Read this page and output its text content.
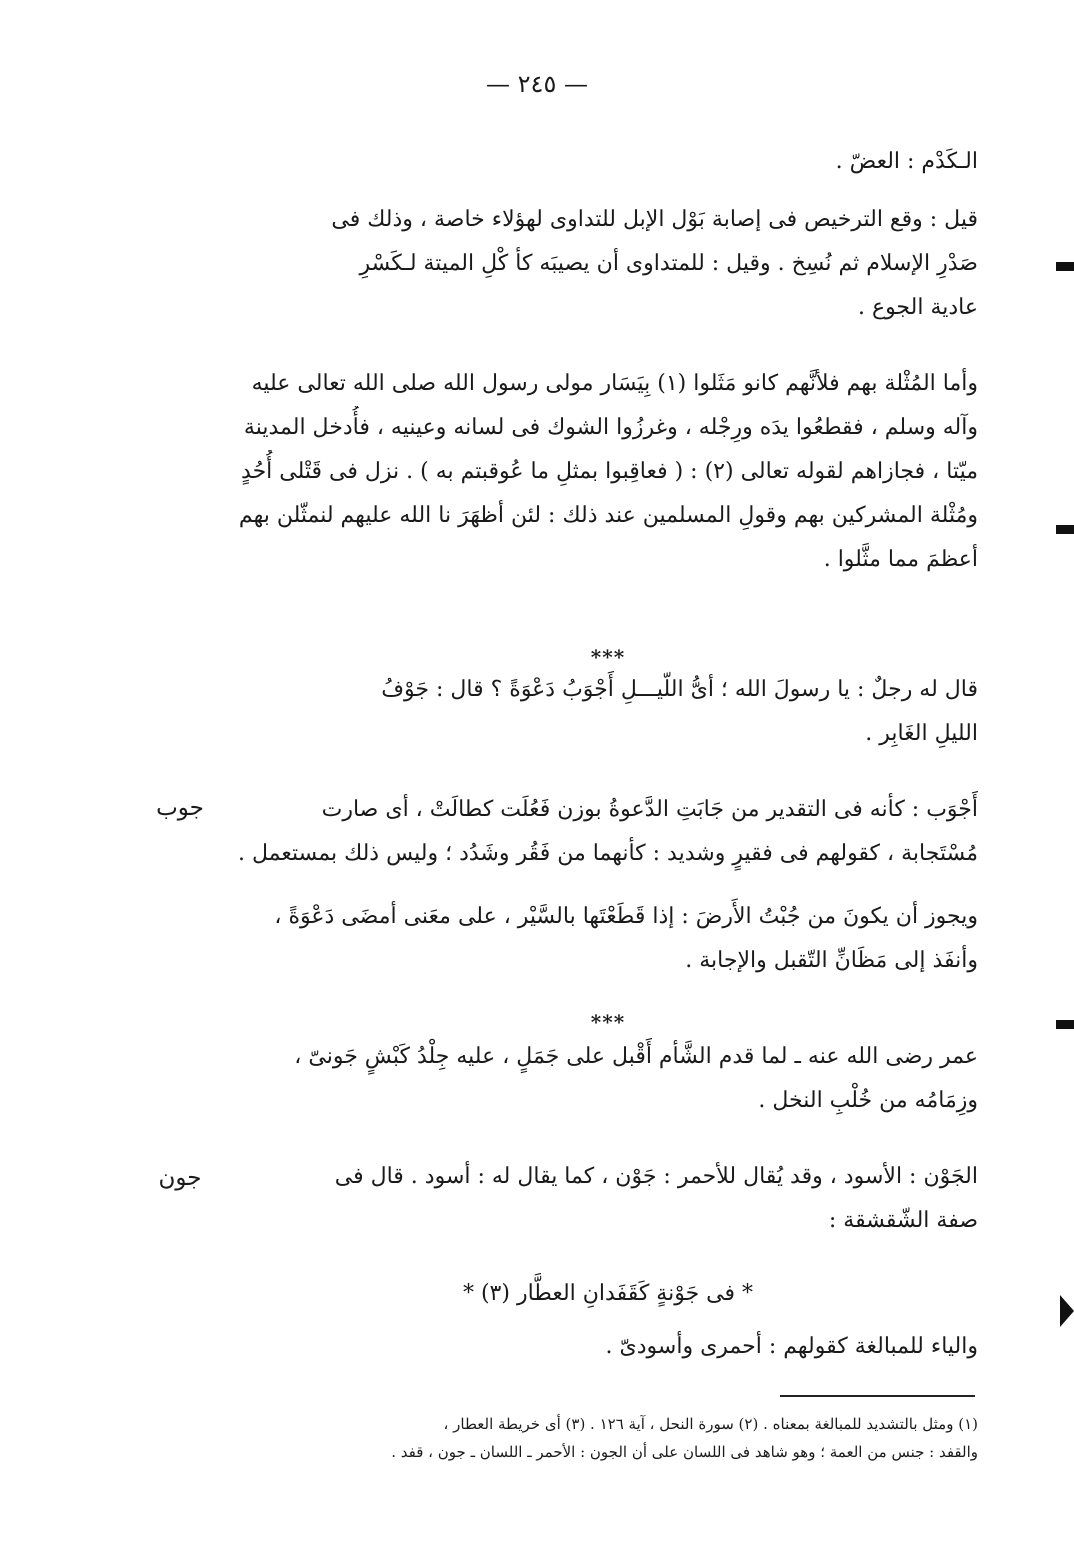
— ٢٤٥ —
الـكَدْم : العضّ .
قيل : وقع الترخيص فى إصابة بَوْل الإبل للتداوى لهؤلاء خاصة ، وذلك فى
صَدْرِ الإسلام ثم نُسِخ . وقيل : للمتداوى أن يصيبَه كأ كْلِ الميتة لـكَسْرِ
عادية الجوع .
وأما المُثْلة بهم فلأنَّهم كانو مَثَلوا (١) بِيَسَار مولى رسول الله صلى الله تعالى عليه
وآله وسلم ، فقطعُوا يدَه ورِجْله ، وغرزُوا الشوك فى لسانه وعينيه ، فأُدخل المدينة
ميّتا ، فجازاهم لقوله تعالى (٢) : ( فعاقِبوا بمثلِ ما عُوقبتم به ) . نزل فى قَتْلى أُحُدٍ
ومُثْلة المشركين بهم وقولِ المسلمين عند ذلك : لئن أظهَرَ نا الله عليهم لنمثّلن بهم
أعظمَ مما مثَّلوا .
***
قال له رجلٌ : يا رسولَ الله ؛ أىُّ اللّيـــلِ أَجْوَبُ دَعْوَةً ؟ قال : جَوْفُ
الليلِ الغَابِر .
أَجْوَب : كأنه فى التقدير من جَابَتِ الدَّعوةُ بوزن فَعُلَت كطالَتْ ، أى صارت
مُسْتَجابة ، كقولهم فى فقيرٍ وشديد : كأنهما من فَقُر وشَدُد ؛ وليس ذلك بمستعمل .
جوب
ويجوز أن يكونَ من جُبْتُ الأَرضَ : إذا قَطَعْتَها بالسَّيْر ، على معَنى أمضَى دَعْوَةً ،
وأنفَذ إلى مَظَانِّ التّقبل والإجابة .
***
عمر رضى الله عنه ـ لما قدم الشَّأم أَقْبل على جَمَلٍ ، عليه جِلْدُ كَبْشٍ جَونىّ ،
وزِمَامُه من خُلْبِ النخل .
الجَوْن : الأسود ، وقد يُقال للأحمر : جَوْن ، كما يقال له : أسود . قال فى
صفة الشّقشقة :
جون
* فى جَوْنةٍ كَقَفَدانِ العطَّار (٣) *
والياء للمبالغة كقولهم : أحمرى وأسودىّ .
(١) ومثل بالتشديد للمبالغة بمعناه . (٢) سورة النحل ، آية ١٢٦ . (٣) أى خريطة العطار ،
والقفد : جنس من العمة ؛ وهو شاهد فى اللسان على أن الجون : الأحمر ـ اللسان ـ جون ، قفد .
